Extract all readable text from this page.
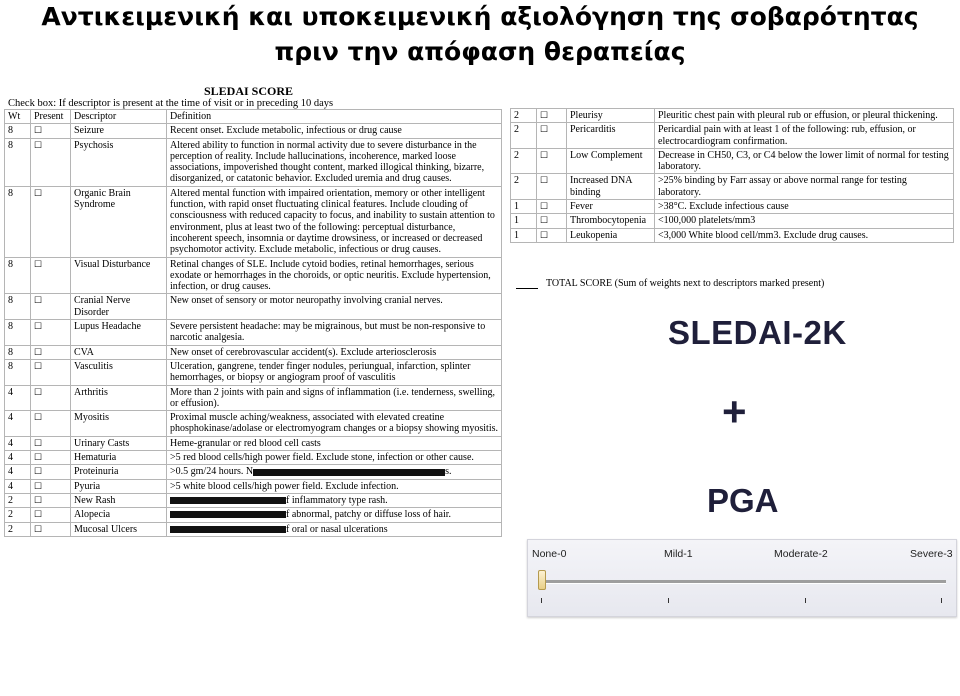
Αντικειμενική και υποκειμενική αξιολόγηση της σοβαρότητας
πριν την απόφαση θεραπείας
SLEDAI SCORE
Check box: If descriptor is present at the time of visit or in preceding 10 days
Wt	Present	Descriptor	Definition
8	☐	Seizure	Recent onset. Exclude metabolic, infectious or drug cause
8	☐	Psychosis	Altered ability to function in normal activity due to severe disturbance in the perception of reality. Include hallucinations, incoherence, marked loose associations, impoverished thought content, marked illogical thinking, bizarre, disorganized, or catatonic behavior. Excluded uremia and drug causes.
8	☐	Organic Brain Syndrome	Altered mental function with impaired orientation, memory or other intelligent function, with rapid onset fluctuating clinical features. Include clouding of consciousness with reduced capacity to focus, and inability to sustain attention to environment, plus at least two of the following: perceptual disturbance, incoherent speech, insomnia or daytime drowsiness, or increased or decreased psychomotor activity. Exclude metabolic, infectious or drug causes.
8	☐	Visual Disturbance	Retinal changes of SLE. Include cytoid bodies, retinal hemorrhages, serious exodate or hemorrhages in the choroids, or optic neuritis. Exclude hypertension, infection, or drug causes.
8	☐	Cranial Nerve Disorder	New onset of sensory or motor neuropathy involving cranial nerves.
8	☐	Lupus Headache	Severe persistent headache: may be migrainous, but must be non-responsive to narcotic analgesia.
8	☐	CVA	New onset of cerebrovascular accident(s). Exclude arteriosclerosis
8	☐	Vasculitis	Ulceration, gangrene, tender finger nodules, periungual, infarction, splinter hemorrhages, or biopsy or angiogram proof of vasculitis
4	☐	Arthritis	More than 2 joints with pain and signs of inflammation (i.e. tenderness, swelling, or effusion).
4	☐	Myositis	Proximal muscle aching/weakness, associated with elevated creatine phosphokinase/adolase or electromyogram changes or a biopsy showing myositis.
4	☐	Urinary Casts	Heme-granular or red blood cell casts
4	☐	Hematuria	>5 red blood cells/high power field. Exclude stone, infection or other cause.
4	☐	Proteinuria	>0.5 gm/24 hours. N s.
4	☐	Pyuria	>5 white blood cells/high power field. Exclude infection.
2	☐	New Rash	f inflammatory type rash.
2	☐	Alopecia	f abnormal, patchy or diffuse loss of hair.
2	☐	Mucosal Ulcers	f oral or nasal ulcerations
2	☐	Pleurisy	Pleuritic chest pain with pleural rub or effusion, or pleural thickening.
2	☐	Pericarditis	Pericardial pain with at least 1 of the following: rub, effusion, or electrocardiogram confirmation.
2	☐	Low Complement	Decrease in CH50, C3, or C4 below the lower limit of normal for testing laboratory.
2	☐	Increased DNA binding	>25% binding by Farr assay or above normal range for testing laboratory.
1	☐	Fever	>38°C. Exclude infectious cause
1	☐	Thrombocytopenia	<100,000 platelets/mm3
1	☐	Leukopenia	<3,000 White blood cell/mm3. Exclude drug causes.
TOTAL SCORE (Sum of weights next to descriptors marked present)
SLEDAI-2K
+
PGA
None-0	Mild-1	Moderate-2	Severe-3
